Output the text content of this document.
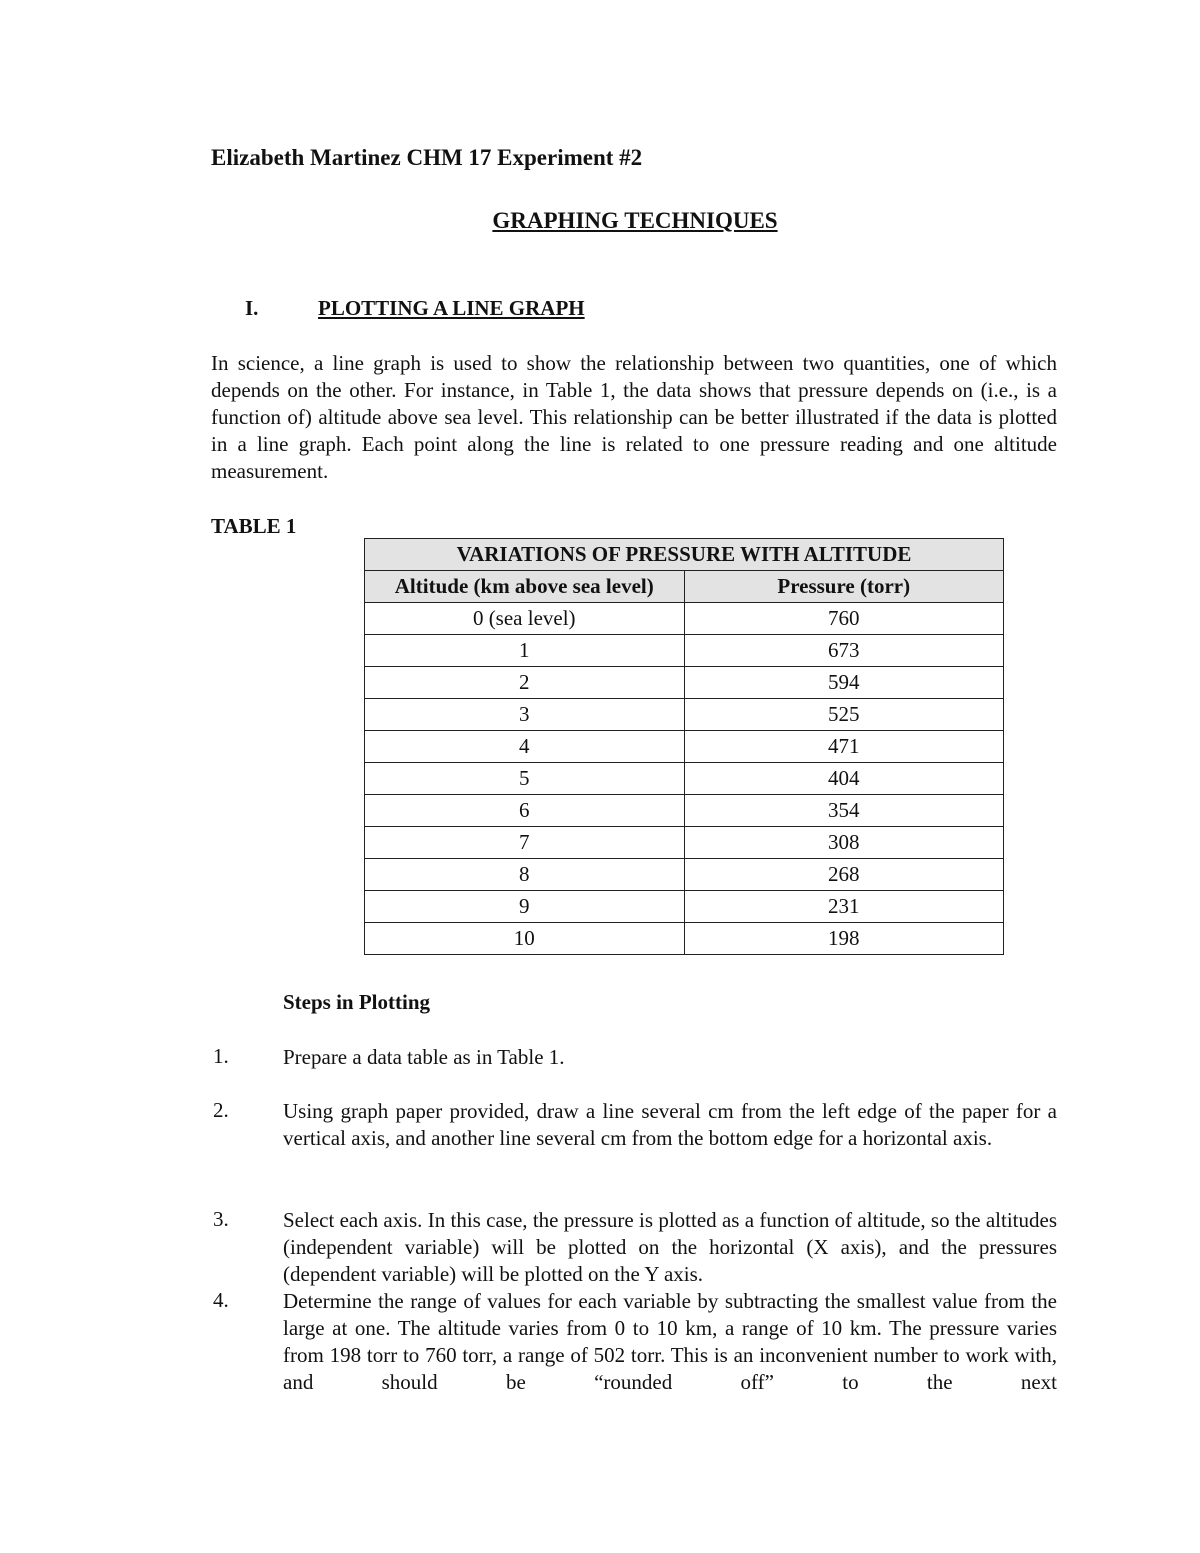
Elizabeth Martinez CHM 17 Experiment #2
GRAPHING TECHNIQUES
I.	PLOTTING A LINE GRAPH
In science, a line graph is used to show the relationship between two quantities, one of which depends on the other. For instance, in Table 1, the data shows that pressure depends on (i.e., is a function of) altitude above sea level. This relationship can be better illustrated if the data is plotted in a line graph. Each point along the line is related to one pressure reading and one altitude measurement.
TABLE 1
VARIATIONS OF PRESSURE WITH ALTITUDE	
Altitude (km above sea level)	Pressure (torr)
0 (sea level)	760
1	673
2	594
3	525
4	471
5	404
6	354
7	308
8	268
9	231
10	198
Steps in Plotting
1.	Prepare a data table as in Table 1.
2.	Using graph paper provided, draw a line several cm from the left edge of the paper for a vertical axis, and another line several cm from the bottom edge for a horizontal axis.
3.	Select each axis. In this case, the pressure is plotted as a function of altitude, so the altitudes (independent variable) will be plotted on the horizontal (X axis), and the pressures (dependent variable) will be plotted on the Y axis.
4.	Determine the range of values for each variable by subtracting the smallest value from the large at one. The altitude varies from 0 to 10 km, a range of 10 km. The pressure varies from 198 torr to 760 torr, a range of 502 torr. This is an inconvenient number to work with, and should be “rounded off” to the next
